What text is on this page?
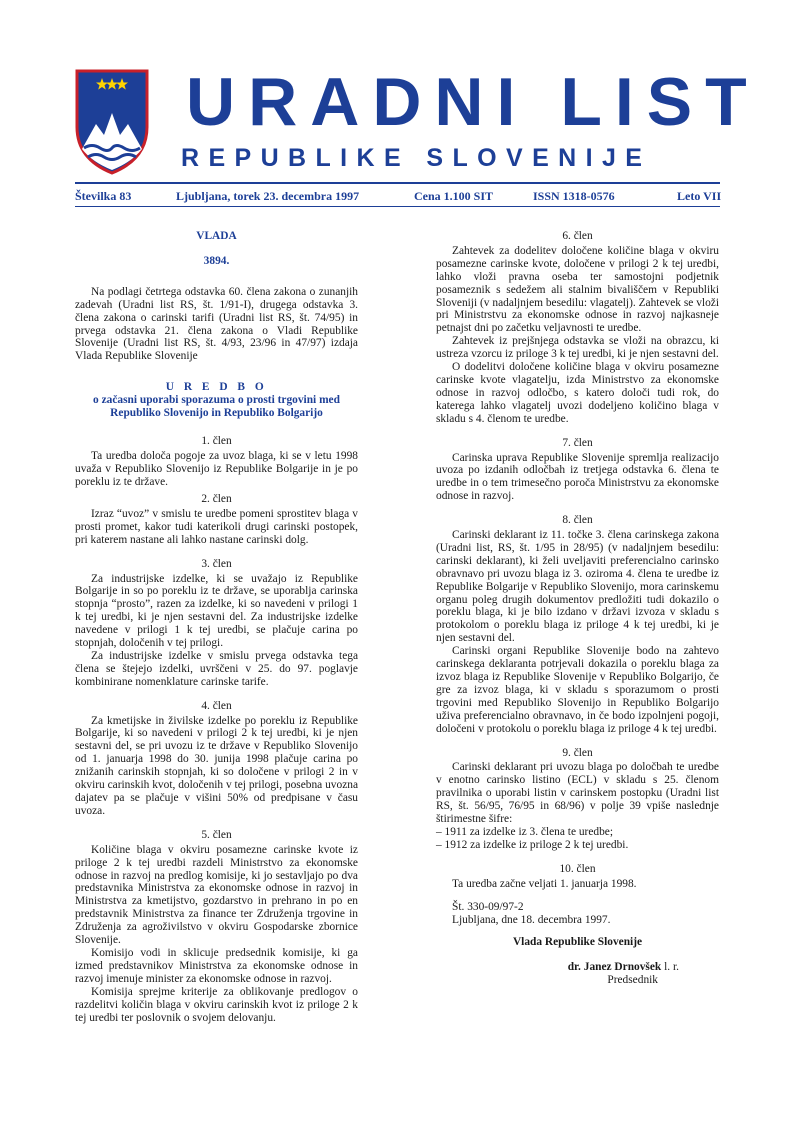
URADNI LIST
REPUBLIKE SLOVENIJE
Številka 83	Ljubljana, torek 23. decembra 1997	Cena 1.100 SIT	ISSN 1318-0576	Leto VII

VLADA

3894.

Na podlagi četrtega odstavka 60. člena zakona o zunanjih zadevah (Uradni list RS, št. 1/91-I), drugega odstavka 3. člena zakona o carinski tarifi (Uradni list RS, št. 74/95) in prvega odstavka 21. člena zakona o Vladi Republike Slovenije (Uradni list RS, št. 4/93, 23/96 in 47/97) izdaja Vlada Republike Slovenije

U R E D B O

o začasni uporabi sporazuma o prosti trgovini med Republiko Slovenijo in Republiko Bolgarijo

1. člen

Ta uredba določa pogoje za uvoz blaga, ki se v letu 1998 uvaža v Republiko Slovenijo iz Republike Bolgarije in je po poreklu iz te države.

2. člen

Izraz “uvoz” v smislu te uredbe pomeni sprostitev blaga v prosti promet, kakor tudi katerikoli drugi carinski postopek, pri katerem nastane ali lahko nastane carinski dolg.

3. člen

Za industrijske izdelke, ki se uvažajo iz Republike Bolgarije in so po poreklu iz te države, se uporablja carinska stopnja “prosto”, razen za izdelke, ki so navedeni v prilogi 1 k tej uredbi, ki je njen sestavni del. Za industrijske izdelke navedene v prilogi 1 k tej uredbi, se plačuje carina po stopnjah, določenih v tej prilogi.

Za industrijske izdelke v smislu prvega odstavka tega člena se štejejo izdelki, uvrščeni v 25. do 97. poglavje kombinirane nomenklature carinske tarife.

4. člen

Za kmetijske in živilske izdelke po poreklu iz Republike Bolgarije, ki so navedeni v prilogi 2 k tej uredbi, ki je njen sestavni del, se pri uvozu iz te države v Republiko Slovenijo od 1. januarja 1998 do 30. junija 1998 plačuje carina po znižanih carinskih stopnjah, ki so določene v prilogi 2 in v okviru carinskih kvot, določenih v tej prilogi, posebna uvozna dajatev pa se plačuje v višini 50% od predpisane v času uvoza.

5. člen

Količine blaga v okviru posamezne carinske kvote iz priloge 2 k tej uredbi razdeli Ministrstvo za ekonomske odnose in razvoj na predlog komisije, ki jo sestavljajo po dva predstavnika Ministrstva za ekonomske odnose in razvoj in Ministrstva za kmetijstvo, gozdarstvo in prehrano in po en predstavnik Ministrstva za finance ter Združenja trgovine in Združenja za agroživilstvo v okviru Gospodarske zbornice Slovenije.

Komisijo vodi in sklicuje predsednik komisije, ki ga izmed predstavnikov Ministrstva za ekonomske odnose in razvoj imenuje minister za ekonomske odnose in razvoj.

Komisija sprejme kriterije za oblikovanje predlogov o razdelitvi količin blaga v okviru carinskih kvot iz priloge 2 k tej uredbi ter poslovnik o svojem delovanju.

6. člen

Zahtevek za dodelitev določene količine blaga v okviru posamezne carinske kvote, določene v prilogi 2 k tej uredbi, lahko vloži pravna oseba ter samostojni podjetnik posameznik s sedežem ali stalnim bivališčem v Republiki Sloveniji (v nadaljnjem besedilu: vlagatelj). Zahtevek se vloži pri Ministrstvu za ekonomske odnose in razvoj najkasneje petnajst dni po začetku veljavnosti te uredbe.

Zahtevek iz prejšnjega odstavka se vloži na obrazcu, ki ustreza vzorcu iz priloge 3 k tej uredbi, ki je njen sestavni del.

O dodelitvi določene količine blaga v okviru posamezne carinske kvote vlagatelju, izda Ministrstvo za ekonomske odnose in razvoj odločbo, s katero določi tudi rok, do katerega lahko vlagatelj uvozi dodeljeno količino blaga v skladu s 4. členom te uredbe.

7. člen

Carinska uprava Republike Slovenije spremlja realizacijo uvoza po izdanih odločbah iz tretjega odstavka 6. člena te uredbe in o tem trimesečno poroča Ministrstvu za ekonomske odnose in razvoj.

8. člen

Carinski deklarant iz 11. točke 3. člena carinskega zakona (Uradni list, RS, št. 1/95 in 28/95) (v nadaljnjem besedilu: carinski deklarant), ki želi uveljaviti preferencialno carinsko obravnavo pri uvozu blaga iz 3. oziroma 4. člena te uredbe iz Republike Bolgarije v Republiko Slovenijo, mora carinskemu organu poleg drugih dokumentov predložiti tudi dokazilo o poreklu blaga, ki je bilo izdano v državi izvoza v skladu s protokolom o poreklu blaga iz priloge 4 k tej uredbi, ki je njen sestavni del.

Carinski organi Republike Slovenije bodo na zahtevo carinskega deklaranta potrjevali dokazila o poreklu blaga za izvoz blaga iz Republike Slovenije v Republiko Bolgarijo, če gre za izvoz blaga, ki v skladu s sporazumom o prosti trgovini med Republiko Slovenijo in Republiko Bolgarijo uživa preferencialno obravnavo, in če bodo izpolnjeni pogoji, določeni v protokolu o poreklu blaga iz priloge 4 k tej uredbi.

9. člen

Carinski deklarant pri uvozu blaga po določbah te uredbe v enotno carinsko listino (ECL) v skladu s 25. členom pravilnika o uporabi listin v carinskem postopku (Uradni list RS, št. 56/95, 76/95 in 68/96) v polje 39 vpiše naslednje štirimestne šifre:

– 1911 za izdelke iz 3. člena te uredbe;

– 1912 za izdelke iz priloge 2 k tej uredbi.

10. člen

Ta uredba začne veljati 1. januarja 1998.

Št. 330-09/97-2

Ljubljana, dne 18. decembra 1997.

Vlada Republike Slovenije

dr. Janez Drnovšek l. r.

Predsednik
